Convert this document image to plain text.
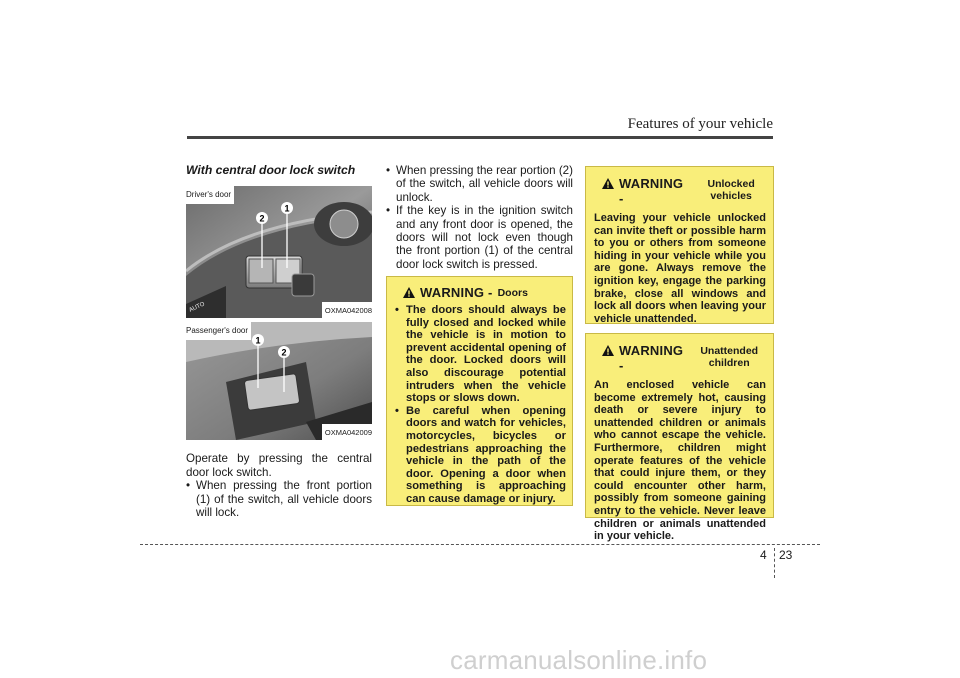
Features of your vehicle
With central door lock switch
Driver's door
2
1
AUTO	OXMA042008
Passenger's door
1
2
OXMA042009

Operate by pressing the central door lock switch.

• When pressing the front portion (1) of the switch, all vehicle doors will lock.
• When pressing the rear portion (2) of the switch, all vehicle doors will unlock.
• If the key is in the ignition switch and any front door is opened, the doors will not lock even though the front portion (1) of the central door lock switch is pressed.
WARNING - Doors
• The doors should always be fully closed and locked while the vehicle is in motion to prevent accidental opening of the door. Locked doors will also discourage potential intruders when the vehicle stops or slows down.
• Be careful when opening doors and watch for vehicles, motorcycles, bicycles or pedestrians approaching the vehicle in the path of the door. Opening a door when something is approaching can cause damage or injury.
WARNING -
Unlocked vehicles
Leaving your vehicle unlocked can invite theft or possible harm to you or others from someone hiding in your vehicle while you are gone. Always remove the ignition key, engage the parking brake, close all windows and lock all doors when leaving your vehicle unattended.
WARNING -
Unattended children
An enclosed vehicle can become extremely hot, causing death or severe injury to unattended children or animals who cannot escape the vehicle. Furthermore, children might operate features of the vehicle that could injure them, or they could encounter other harm, possibly from someone gaining entry to the vehicle. Never leave children or animals unattended in your vehicle.
4 23
carmanualsonline.info
